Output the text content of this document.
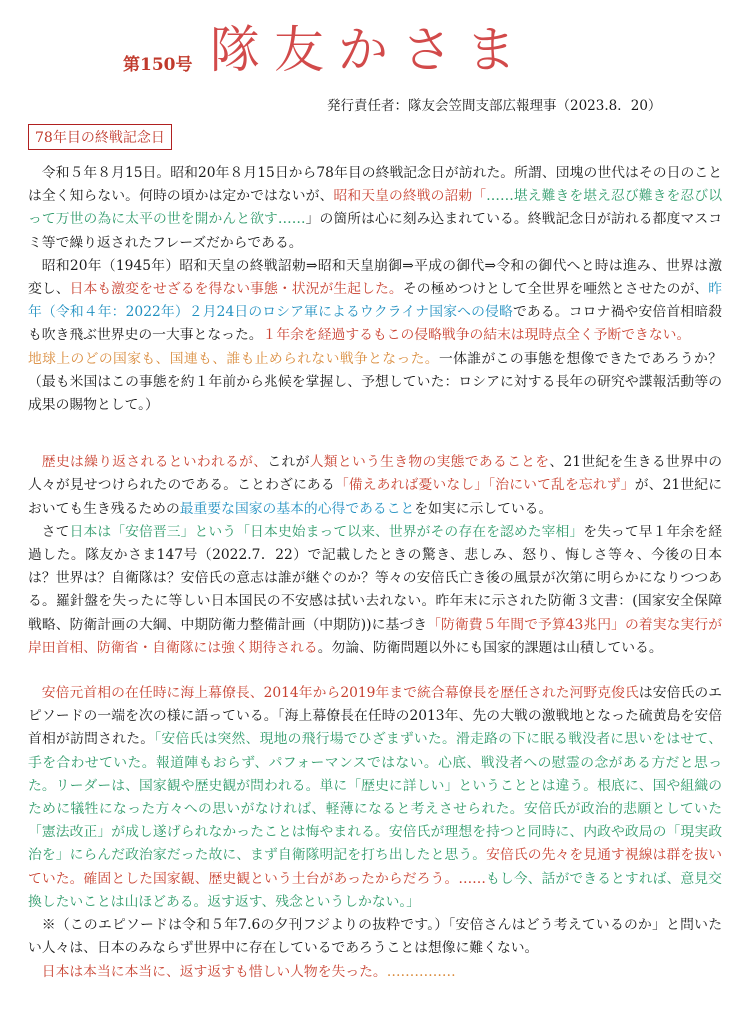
第150号 隊友かさま
発行責任者：隊友会笠間支部広報理事（2023.8．20）
78年目の終戦記念日

令和５年８月15日。昭和20年８月15日から78年目の終戦記念日が訪れた。所謂、団塊の世代はその日のことは全く知らない。何時の頃かは定かではないが、昭和天皇の終戦の詔勅「……堪え難きを堪え忍び難きを忍び以って万世の為に太平の世を開かんと欲す……」の箇所は心に刻み込まれている。終戦記念日が訪れる都度マスコミ等で繰り返されたフレーズだからである。

昭和20年（1945年）昭和天皇の終戦詔勅⇒昭和天皇崩御⇒平成の御代⇒令和の御代へと時は進み、世界は激変し、日本も激変をせざるを得ない事態・状況が生起した。その極めつけとして全世界を唖然とさせたのが、昨年（令和４年：2022年）２月24日のロシア軍によるウクライナ国家への侵略である。コロナ禍や安倍首相暗殺も吹き飛ぶ世界史の一大事となった。１年余を経過するもこの侵略戦争の結末は現時点全く予断できない。

地球上のどの国家も、国連も、誰も止められない戦争となった。一体誰がこの事態を想像できたであろうか？（最も米国はこの事態を約１年前から兆候を掌握し、予想していた：ロシアに対する長年の研究や諜報活動等の成果の賜物として。）

歴史は繰り返されるといわれるが、これが人類という生き物の実態であることを、21世紀を生きる世界中の人々が見せつけられたのである。ことわざにある「備えあれば憂いなし」「治にいて乱を忘れず」が、21世紀においても生き残るための最重要な国家の基本的心得であることを如実に示している。

さて日本は「安倍晋三」という「日本史始まって以来、世界がその存在を認めた宰相」を失って早１年余を経過した。隊友かさま147号（2022.7．22）で記載したときの驚き、悲しみ、怒り、悔しさ等々、今後の日本は？世界は？自衛隊は？安倍氏の意志は誰が継ぐのか？等々の安倍氏亡き後の風景が次第に明らかになりつつある。羅針盤を失ったに等しい日本国民の不安感は拭い去れない。昨年末に示された防衛３文書：(国家安全保障戦略、防衛計画の大綱、中期防衛力整備計画（中期防))に基づき「防衛費５年間で予算43兆円」の着実な実行が岸田首相、防衛省・自衛隊には強く期待される。勿論、防衛問題以外にも国家的課題は山積している。

安倍元首相の在任時に海上幕僚長、2014年から2019年まで統合幕僚長を歴任された河野克俊氏は安倍氏のエピソードの一端を次の様に語っている。「海上幕僚長在任時の2013年、先の大戦の激戦地となった硫黄島を安倍首相が訪問された。「安倍氏は突然、現地の飛行場でひざまずいた。滑走路の下に眠る戦没者に思いをはせて、手を合わせていた。報道陣もおらず、パフォーマンスではない。心底、戦没者への慰霊の念がある方だと思った。リーダーは、国家観や歴史観が問われる。単に「歴史に詳しい」ということとは違う。根底に、国や組織のために犠牲になった方々への思いがなければ、軽薄になると考えさせられた。安倍氏が政治的悲願としていた「憲法改正」が成し遂げられなかったことは悔やまれる。安倍氏が理想を持つと同時に、内政や政局の「現実政治を」にらんだ政治家だった故に、まず自衛隊明記を打ち出したと思う。安倍氏の先々を見通す視線は群を抜いていた。確固とした国家観、歴史観という土台があったからだろう。……もし今、話ができるとすれば、意見交換したいことは山ほどある。返す返す、残念というしかない。」

※（このエピソードは令和５年7.6の夕刊フジよりの抜粋です。）「安倍さんはどう考えているのか」と問いたい人々は、日本のみならず世界中に存在しているであろうことは想像に難くない。

日本は本当に本当に、返す返すも惜しい人物を失った。……………
